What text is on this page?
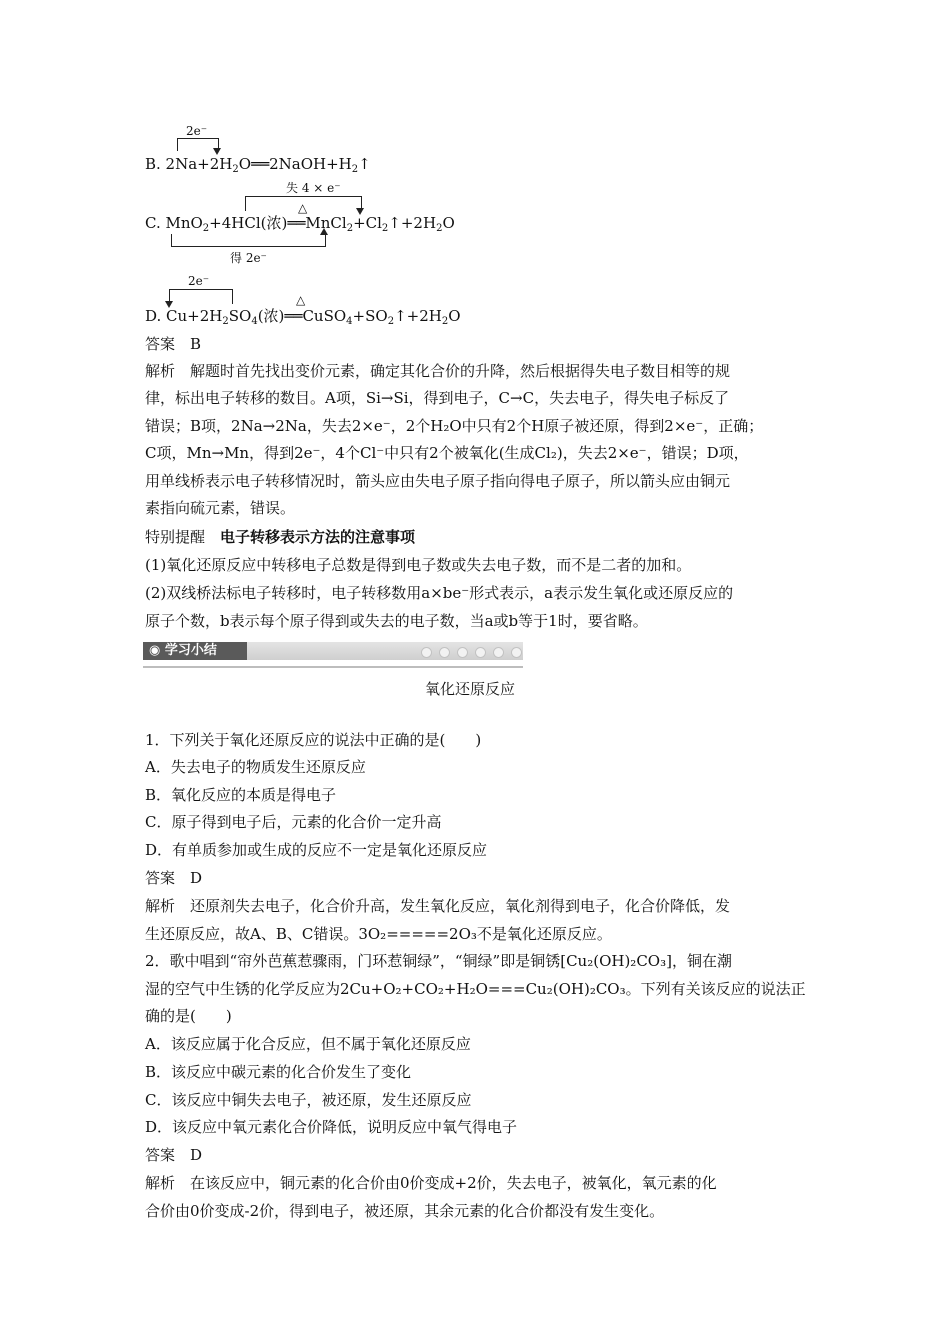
2e⁻
B. $2Na+2H_2O══2NaOH+H_2↑$
失 4 × e⁻
△
C. MnO$_2$+4HCl(浓)$══MnCl_2+Cl_2↑+2H_2O$
得 2e⁻
2e⁻
△
D. $Cu+2H_2SO_4$(浓)$══CuSO_4+SO_2↑+2H_2O$
答案　B
解析　解题时首先找出变价元素，确定其化合价的升降，然后根据得失电子数目相等的规
律，标出电子转移的数目。A项，Si→Si，得到电子，C→C，失去电子，得失电子标反了
错误；B项，2Na→2Na，失去2×e⁻，2个H₂O中只有2个H原子被还原，得到2×e⁻，正确；
C项，Mn→Mn，得到2e⁻，4个Cl⁻中只有2个被氧化(生成Cl₂)，失去2×e⁻，错误；D项，
用单线桥表示电子转移情况时，箭头应由失电子原子指向得电子原子，所以箭头应由铜元
素指向硫元素，错误。
特别提醒　电子转移表示方法的注意事项
(1)氧化还原反应中转移电子总数是得到电子数或失去电子数，而不是二者的加和。
(2)双线桥法标电子转移时，电子转移数用a×be⁻形式表示，a表示发生氧化或还原反应的
原子个数，b表示每个原子得到或失去的电子数，当a或b等于1时，要省略。
◉ 学习小结
氧化还原反应
1．下列关于氧化还原反应的说法中正确的是(　　)
A．失去电子的物质发生还原反应
B．氧化反应的本质是得电子
C．原子得到电子后，元素的化合价一定升高
D．有单质参加或生成的反应不一定是氧化还原反应
答案　D
解析　还原剂失去电子，化合价升高，发生氧化反应，氧化剂得到电子，化合价降低，发
生还原反应，故A、B、C错误。3O₂=====2O₃不是氧化还原反应。
2．歌中唱到“帘外芭蕉惹骤雨，门环惹铜绿”，“铜绿”即是铜锈[Cu₂(OH)₂CO₃]，铜在潮
湿的空气中生锈的化学反应为2Cu+O₂+CO₂+H₂O===Cu₂(OH)₂CO₃。下列有关该反应的说法正
确的是(　　)
A．该反应属于化合反应，但不属于氧化还原反应
B．该反应中碳元素的化合价发生了变化
C．该反应中铜失去电子，被还原，发生还原反应
D．该反应中氧元素化合价降低，说明反应中氧气得电子
答案　D
解析　在该反应中，铜元素的化合价由0价变成+2价，失去电子，被氧化，氧元素的化
合价由0价变成-2价，得到电子，被还原，其余元素的化合价都没有发生变化。
